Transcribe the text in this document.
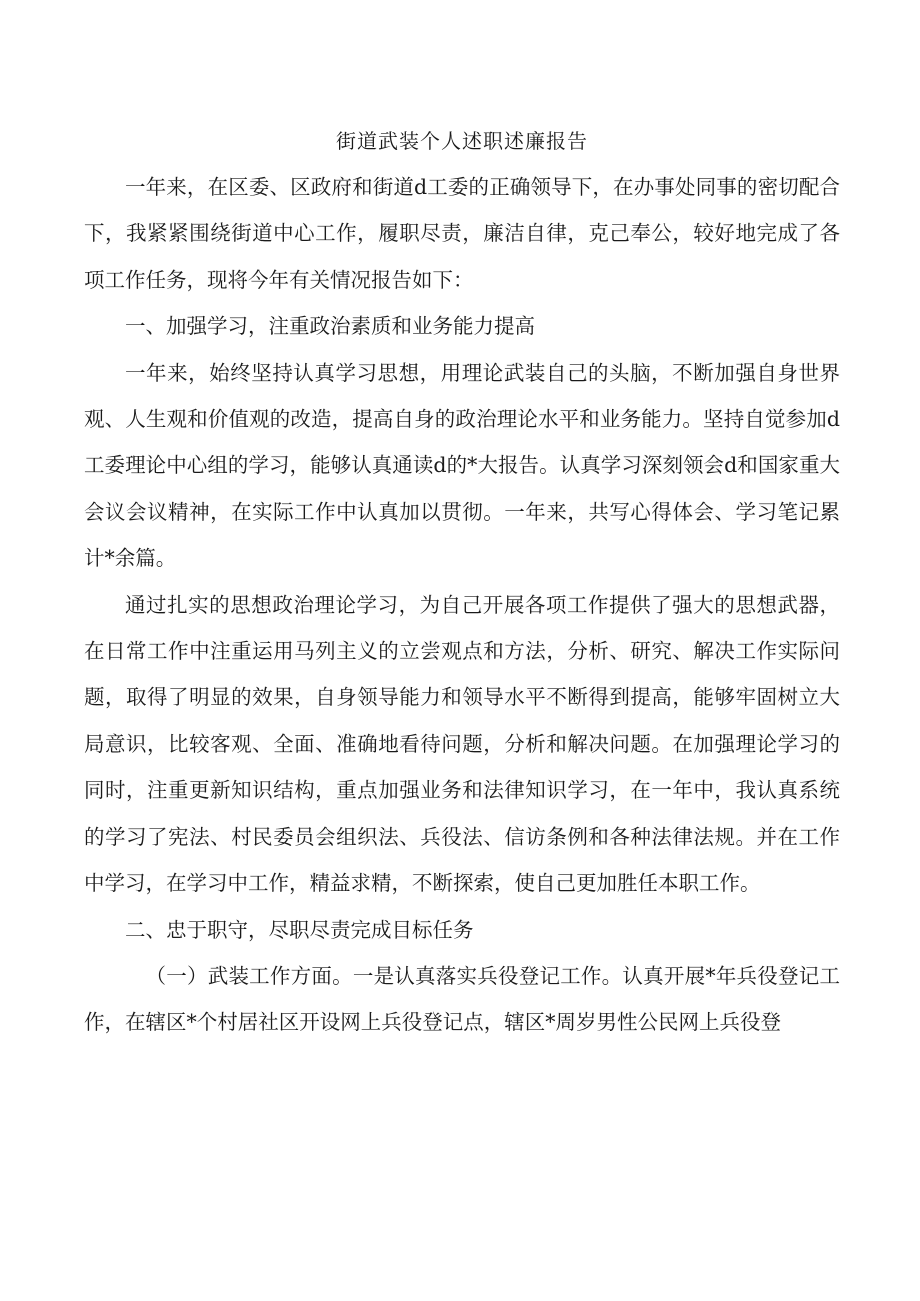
街道武装个人述职述廉报告

一年来，在区委、区政府和街道d工委的正确领导下，在办事处同事的密切配合下，我紧紧围绕街道中心工作，履职尽责，廉洁自律，克己奉公，较好地完成了各项工作任务，现将今年有关情况报告如下：

一、加强学习，注重政治素质和业务能力提高

一年来，始终坚持认真学习思想，用理论武装自己的头脑，不断加强自身世界观、人生观和价值观的改造，提高自身的政治理论水平和业务能力。坚持自觉参加d工委理论中心组的学习，能够认真通读d的*大报告。认真学习深刻领会d和国家重大会议会议精神，在实际工作中认真加以贯彻。一年来，共写心得体会、学习笔记累计*余篇。

通过扎实的思想政治理论学习，为自己开展各项工作提供了强大的思想武器，在日常工作中注重运用马列主义的立尝观点和方法，分析、研究、解决工作实际问题，取得了明显的效果，自身领导能力和领导水平不断得到提高，能够牢固树立大局意识，比较客观、全面、准确地看待问题，分析和解决问题。在加强理论学习的同时，注重更新知识结构，重点加强业务和法律知识学习，在一年中，我认真系统的学习了宪法、村民委员会组织法、兵役法、信访条例和各种法律法规。并在工作中学习，在学习中工作，精益求精，不断探索，使自己更加胜任本职工作。

二、忠于职守，尽职尽责完成目标任务

（一）武装工作方面。一是认真落实兵役登记工作。认真开展*年兵役登记工作，在辖区*个村居社区开设网上兵役登记点，辖区*周岁男性公民网上兵役登
